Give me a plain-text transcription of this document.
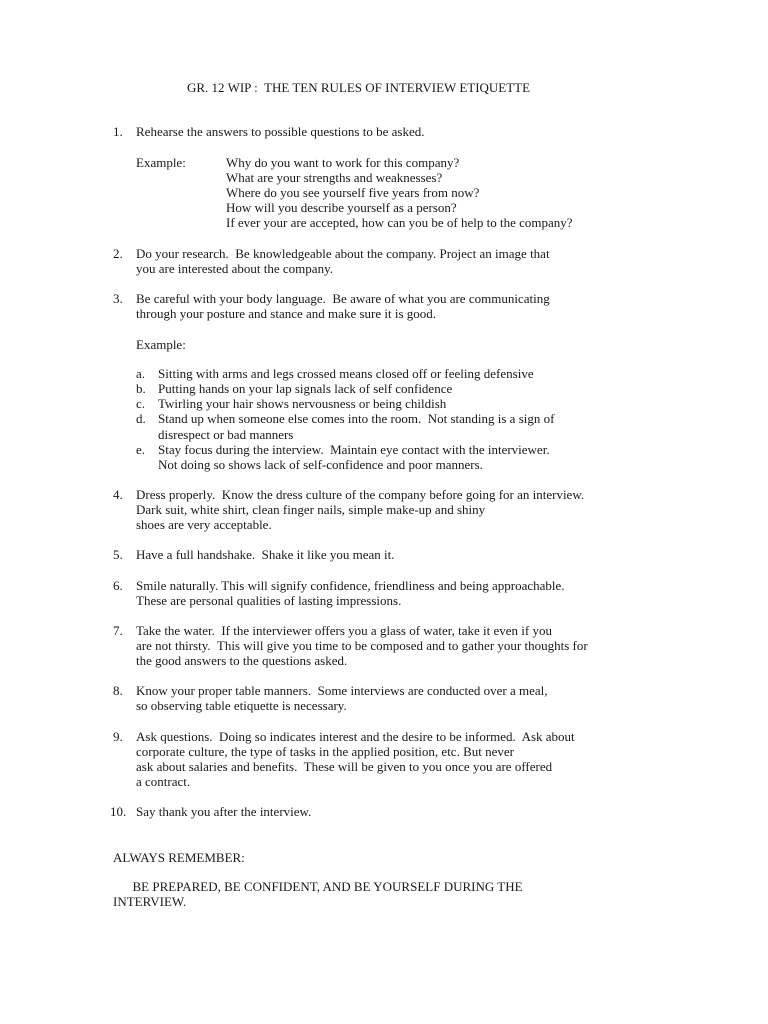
GR. 12 WIP :  THE TEN RULES OF INTERVIEW ETIQUETTE
1. Rehearse the answers to possible questions to be asked.
Example:	Why do you want to work for this company?
What are your strengths and weaknesses?
Where do you see yourself five years from now?
How will you describe yourself as a person?
If ever your are accepted, how can you be of help to the company?
2. Do your research.  Be knowledgeable about the company. Project an image that
you are interested about the company.
3. Be careful with your body language.  Be aware of what you are communicating
through your posture and stance and make sure it is good.
Example:
a. Sitting with arms and legs crossed means closed off or feeling defensive
b. Putting hands on your lap signals lack of self confidence
c. Twirling your hair shows nervousness or being childish
d. Stand up when someone else comes into the room.  Not standing is a sign of
disrespect or bad manners
e. Stay focus during the interview.  Maintain eye contact with the interviewer.
Not doing so shows lack of self-confidence and poor manners.
4. Dress properly.  Know the dress culture of the company before going for an interview.
Dark suit, white shirt, clean finger nails, simple make-up and shiny
shoes are very acceptable.
5. Have a full handshake.  Shake it like you mean it.
6. Smile naturally. This will signify confidence, friendliness and being approachable.
These are personal qualities of lasting impressions.
7. Take the water.  If the interviewer offers you a glass of water, take it even if you
are not thirsty.  This will give you time to be composed and to gather your thoughts for
the good answers to the questions asked.
8. Know your proper table manners.  Some interviews are conducted over a meal,
so observing table etiquette is necessary.
9. Ask questions.  Doing so indicates interest and the desire to be informed.  Ask about
corporate culture, the type of tasks in the applied position, etc. But never
ask about salaries and benefits.  These will be given to you once you are offered
a contract.
10. Say thank you after the interview.
ALWAYS REMEMBER:
BE PREPARED, BE CONFIDENT, AND BE YOURSELF DURING THE
INTERVIEW.
